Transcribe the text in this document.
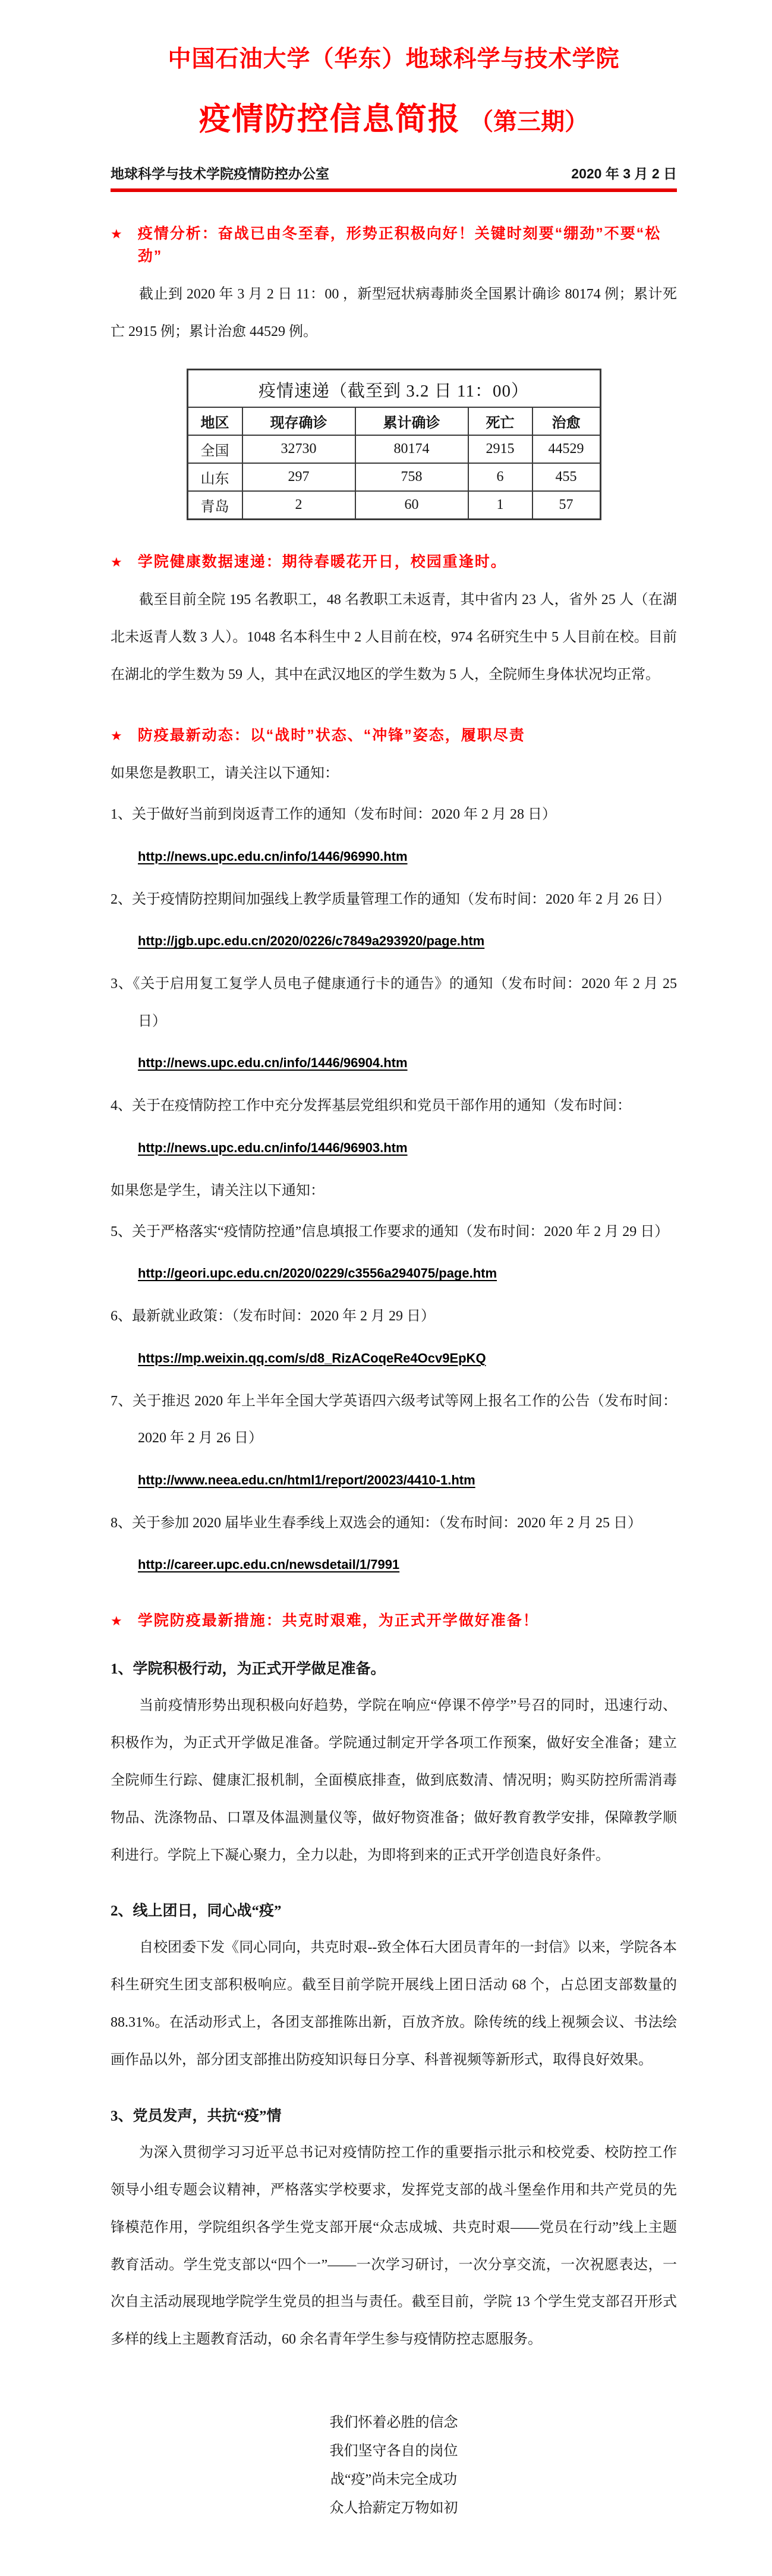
中国石油大学（华东）地球科学与技术学院
疫情防控信息简报 （第三期）
地球科学与技术学院疫情防控办公室	2020 年 3 月 2 日
★ 疫情分析：奋战已由冬至春，形势正积极向好！关键时刻要“绷劲”不要“松劲”

截止到 2020 年 3 月 2 日 11：00 ，新型冠状病毒肺炎全国累计确诊 80174 例；累计死亡 2915 例；累计治愈 44529 例。

疫情速递（截至到 3.2 日 11：00）				
地区	现存确诊	累计确诊	死亡	治愈
全国	32730	80174	2915	44529
山东	297	758	6	455
青岛	2	60	1	57
★ 学院健康数据速递：期待春暖花开日，校园重逢时。

截至目前全院 195 名教职工，48 名教职工未返青，其中省内 23 人，省外 25 人（在湖北未返青人数 3 人）。1048 名本科生中 2 人目前在校，974 名研究生中 5 人目前在校。目前在湖北的学生数为 59 人，其中在武汉地区的学生数为 5 人，全院师生身体状况均正常。

★ 防疫最新动态：以“战时”状态、“冲锋”姿态，履职尽责

如果您是教职工，请关注以下通知：

1、关于做好当前到岗返青工作的通知（发布时间：2020 年 2 月 28 日）
http://news.upc.edu.cn/info/1446/96990.htm
2、关于疫情防控期间加强线上教学质量管理工作的通知（发布时间：2020 年 2 月 26 日）
http://jgb.upc.edu.cn/2020/0226/c7849a293920/page.htm
3、《关于启用复工复学人员电子健康通行卡的通告》的通知（发布时间：2020 年 2 月 25 日）
http://news.upc.edu.cn/info/1446/96904.htm
4、关于在疫情防控工作中充分发挥基层党组织和党员干部作用的通知（发布时间：
http://news.upc.edu.cn/info/1446/96903.htm

如果您是学生，请关注以下通知：

5、关于严格落实“疫情防控通”信息填报工作要求的通知（发布时间：2020 年 2 月 29 日）
http://geori.upc.edu.cn/2020/0229/c3556a294075/page.htm
6、最新就业政策：（发布时间：2020 年 2 月 29 日）
https://mp.weixin.qq.com/s/d8_RizACoqeRe4Ocv9EpKQ
7、关于推迟 2020 年上半年全国大学英语四六级考试等网上报名工作的公告（发布时间：2020 年 2 月 26 日）
http://www.neea.edu.cn/html1/report/20023/4410-1.htm
8、关于参加 2020 届毕业生春季线上双选会的通知：（发布时间：2020 年 2 月 25 日）
http://career.upc.edu.cn/newsdetail/1/7991
★ 学院防疫最新措施：共克时艰难，为正式开学做好准备！
1、学院积极行动，为正式开学做足准备。

当前疫情形势出现积极向好趋势，学院在响应“停课不停学”号召的同时，迅速行动、积极作为，为正式开学做足准备。学院通过制定开学各项工作预案，做好安全准备；建立全院师生行踪、健康汇报机制，全面模底排查，做到底数清、情况明；购买防控所需消毒物品、洗涤物品、口罩及体温测量仪等，做好物资准备；做好教育教学安排，保障教学顺利进行。学院上下凝心聚力，全力以赴，为即将到来的正式开学创造良好条件。

2、线上团日，同心战“疫”

自校团委下发《同心同向，共克时艰--致全体石大团员青年的一封信》以来，学院各本科生研究生团支部积极响应。截至目前学院开展线上团日活动 68 个，占总团支部数量的 88.31%。在活动形式上，各团支部推陈出新，百放齐放。除传统的线上视频会议、书法绘画作品以外，部分团支部推出防疫知识每日分享、科普视频等新形式，取得良好效果。

3、党员发声，共抗“疫”情

为深入贯彻学习习近平总书记对疫情防控工作的重要指示批示和校党委、校防控工作领导小组专题会议精神，严格落实学校要求，发挥党支部的战斗堡垒作用和共产党员的先锋模范作用，学院组织各学生党支部开展“众志成城、共克时艰——党员在行动”线上主题教育活动。学生党支部以“四个一”——一次学习研讨，一次分享交流，一次祝愿表达，一次自主活动展现地学院学生党员的担当与责任。截至目前，学院 13 个学生党支部召开形式多样的线上主题教育活动，60 余名青年学生参与疫情防控志愿服务。

我们怀着必胜的信念
我们坚守各自的岗位
战“疫”尚未完全成功
众人拾薪定万物如初
